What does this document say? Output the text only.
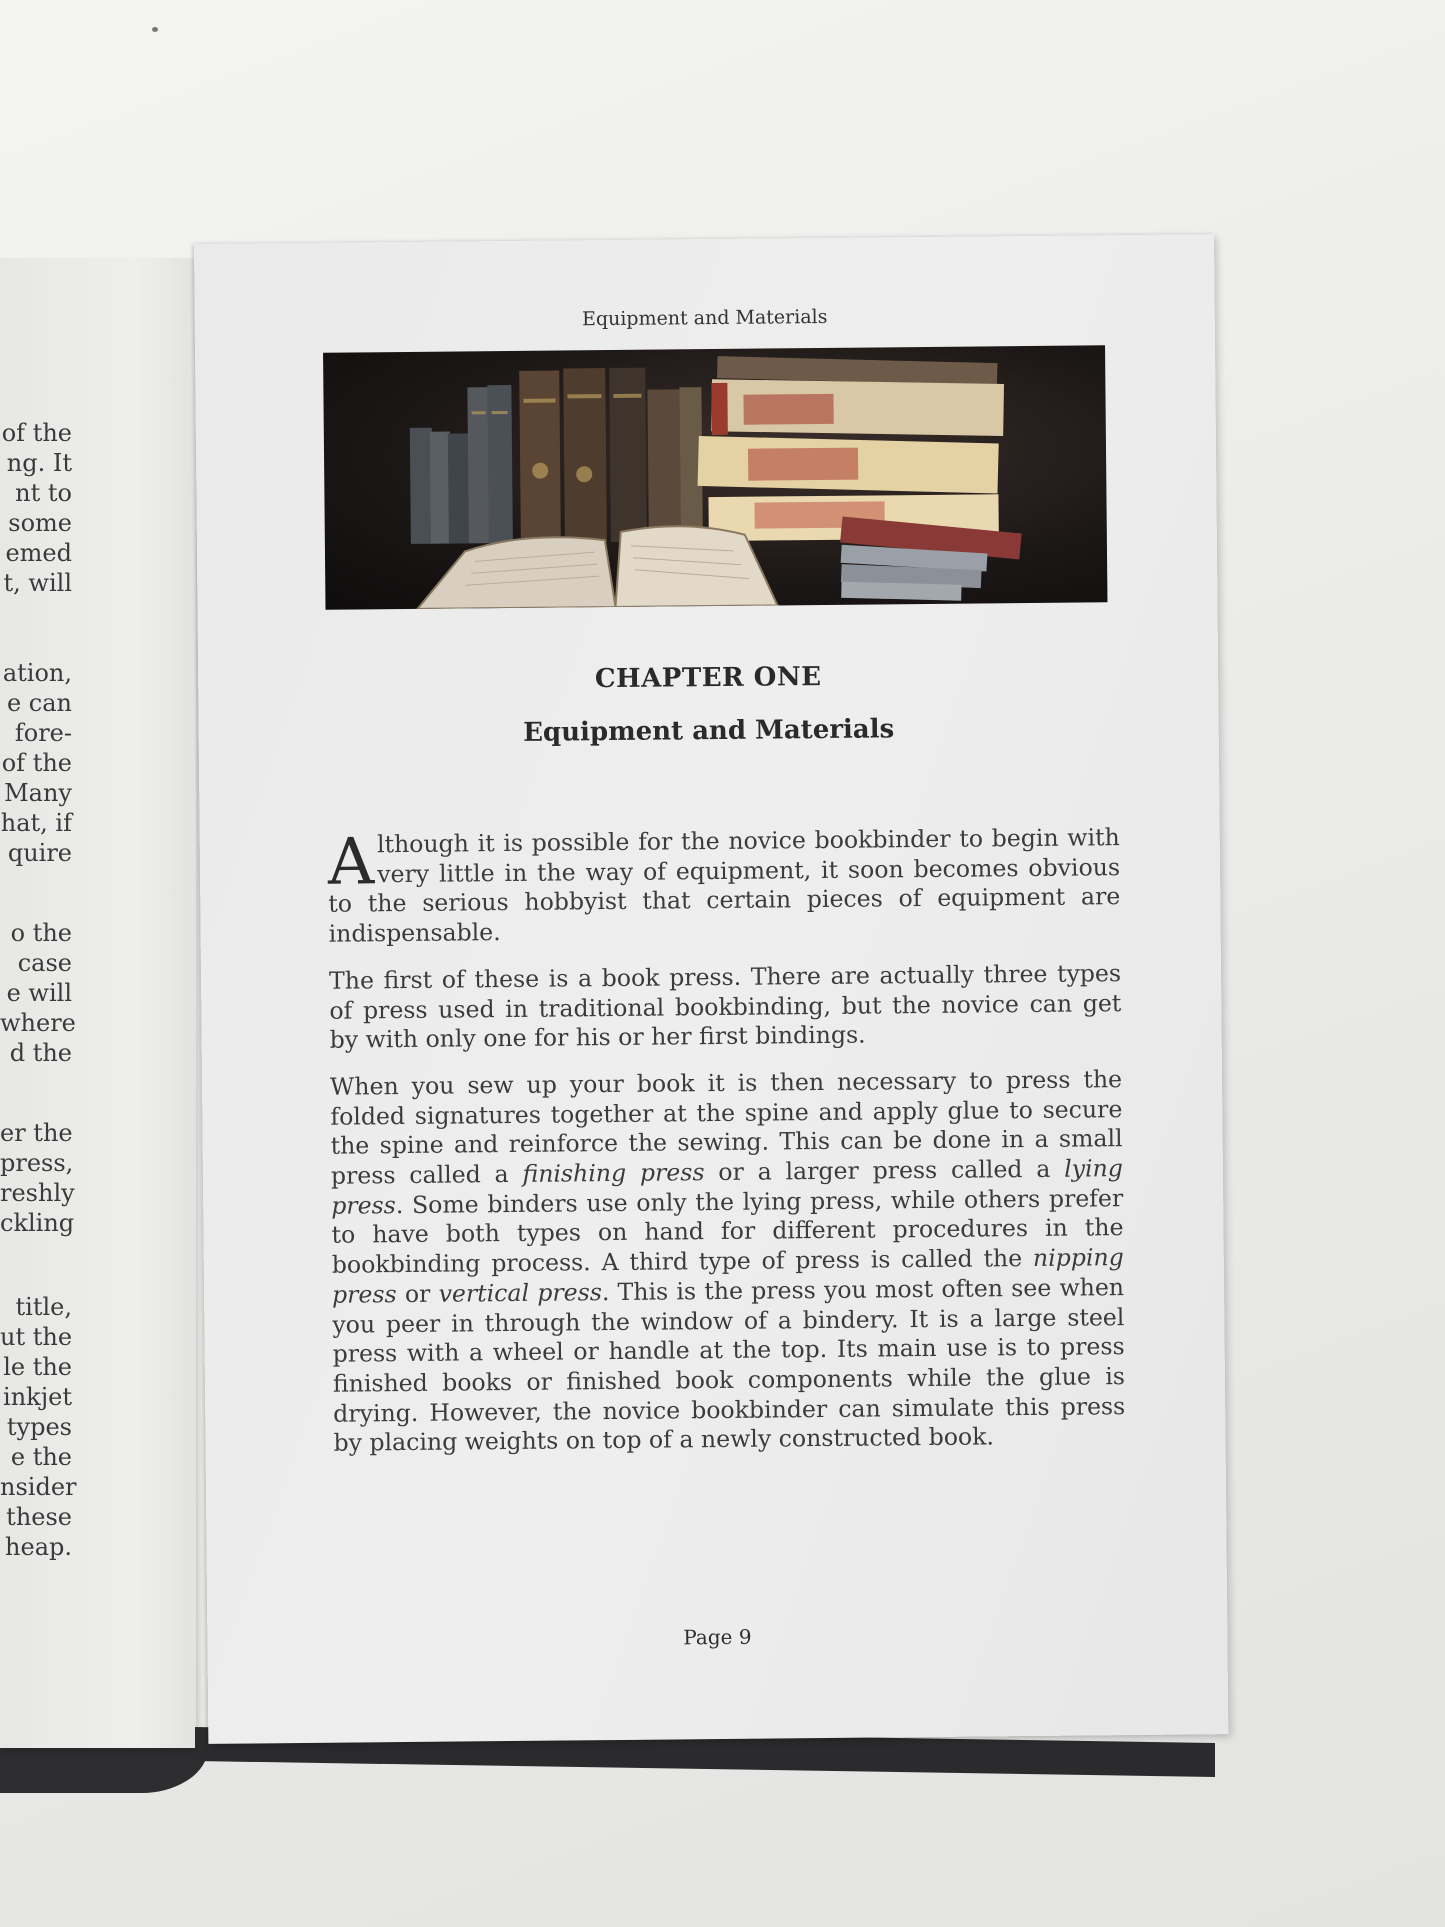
of the
ng. It
nt to
some
emed
t, will
ation,
e can
fore-
of the
Many
hat, if
quire
o the
case
e will
where
d the
er the
press,
reshly
ckling
title,
ut the
le the
inkjet
types
e the
nsider
these
heap.
Equipment and Materials
CHAPTER ONE
Equipment and Materials

Although it is possible for the novice bookbinder to begin with very little in the way of equipment, it soon becomes obvious to the serious hobbyist that certain pieces of equipment are indispensable.

The first of these is a book press. There are actually three types of press used in traditional bookbinding, but the novice can get by with only one for his or her first bindings.

When you sew up your book it is then necessary to press the folded signatures together at the spine and apply glue to secure the spine and reinforce the sewing. This can be done in a small press called a finishing press or a larger press called a lying press. Some binders use only the lying press, while others prefer to have both types on hand for different procedures in the bookbinding process. A third type of press is called the nipping press or vertical press. This is the press you most often see when you peer in through the window of a bindery. It is a large steel press with a wheel or handle at the top. Its main use is to press finished books or finished book components while the glue is drying. However, the novice bookbinder can simulate this press by placing weights on top of a newly constructed book.

Page 9
